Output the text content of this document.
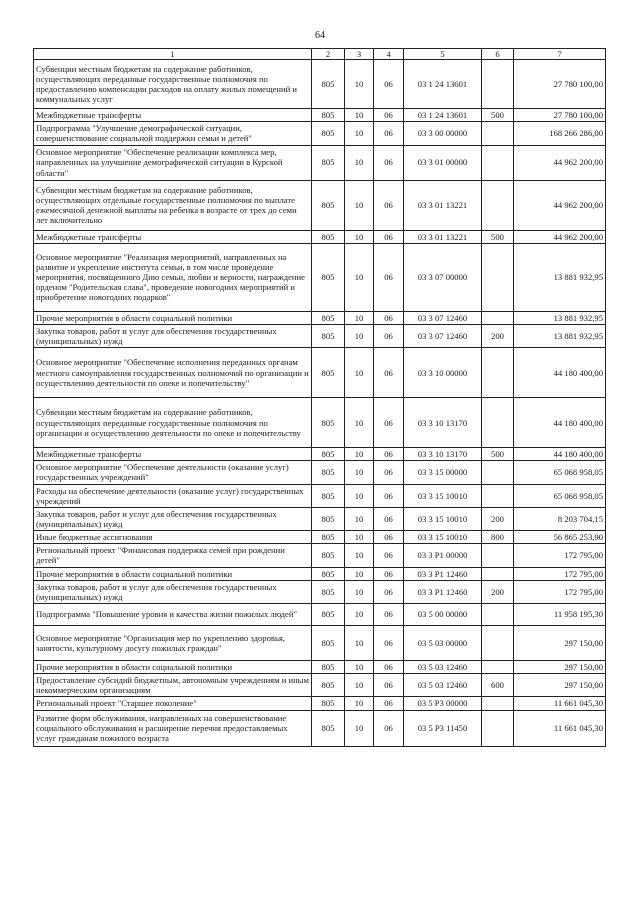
64
1	2	3	4	5	6	7
Субвенции местным бюджетам на содержание работников, осуществляющих переданные государственные полномочия по предоставлению компенсации расходов на оплату жилых помещений и коммунальных услуг	805	10	06	03 1 24 13601		27 780 100,00
Межбюджетные трансферты	805	10	06	03 1 24 13601	500	27 780 100,00
Подпрограмма "Улучшение демографической ситуации, совершенствование социальной поддержки семьи и детей"	805	10	06	03 3 00 00000		168 266 286,00
Основное мероприятие "Обеспечение реализации комплекса мер, направленных на улучшение демографической ситуации в Курской области"	805	10	06	03 3 01 00000		44 962 200,00
Субвенции местным бюджетам на содержание работников, осуществляющих отдельные государственные полномочия по выплате ежемесячной денежной выплаты на ребенка в возрасте от трех до семи лет включительно	805	10	06	03 3 01 13221		44 962 200,00
Межбюджетные трансферты	805	10	06	03 3 01 13221	500	44 962 200,00
Основное мероприятие "Реализация мероприятий, направленных на развитие и укрепление института семьи, в том числе проведение мероприятия, посвященного Дню семьи, любви и верности, награждение орденом "Родительская слава", проведение новогодних мероприятий и приобретение новогодних подарков"	805	10	06	03 3 07 00000		13 881 932,95
Прочие мероприятия в области социальной политики	805	10	06	03 3 07 12460		13 881 932,95
Закупка товаров, работ и услуг для обеспечения государственных (муниципальных) нужд	805	10	06	03 3 07 12460	200	13 881 932,95
Основное мероприятие "Обеспечение исполнения переданных органам местного самоуправления государственных полномочий по организации и осуществлению деятельности по опеке и попечительству"	805	10	06	03 3 10 00000		44 180 400,00
Субвенции местным бюджетам на содержание работников, осуществляющих переданные государственные полномочия по организации и осуществлению деятельности по опеке и попечительству	805	10	06	03 3 10 13170		44 180 400,00
Межбюджетные трансферты	805	10	06	03 3 10 13170	500	44 180 400,00
Основное мероприятие "Обеспечение деятельности (оказание услуг) государственных учреждений"	805	10	06	03 3 15 00000		65 068 958,05
Расходы на обеспечение деятельности (оказание услуг) государственных учреждений	805	10	06	03 3 15 10010		65 068 958,05
Закупка товаров, работ и услуг для обеспечения государственных (муниципальных) нужд	805	10	06	03 3 15 10010	200	8 203 704,15
Иные бюджетные ассигнования	805	10	06	03 3 15 10010	800	56 865 253,90
Региональный проект "Финансовая поддержка семей при рождении детей"	805	10	06	03 3 P1 00000		172 795,00
Прочие мероприятия в области социальной политики	805	10	06	03 3 P1 12460		172 795,00
Закупка товаров, работ и услуг для обеспечения государственных (муниципальных) нужд	805	10	06	03 3 P1 12460	200	172 795,00
Подпрограмма "Повышение уровня и качества жизни пожилых людей"	805	10	06	03 5 00 00000		11 958 195,30
Основное мероприятие "Организация мер по укреплению здоровья, занятости, культурному досугу пожилых граждан"	805	10	06	03 5 03 00000		297 150,00
Прочие мероприятия в области социальной политики	805	10	06	03 5 03 12460		297 150,00
Предоставление субсидий бюджетным, автономным учреждениям и иным некоммерческим организациям	805	10	06	03 5 03 12460	600	297 150,00
Региональный проект "Старшее поколение"	805	10	06	03 5 P3 00000		11 661 045,30
Развитие форм обслуживания, направленных на совершенствование социального обслуживания и расширение перечня предоставляемых услуг гражданам пожилого возраста	805	10	06	03 5 P3 11450		11 661 045,30
